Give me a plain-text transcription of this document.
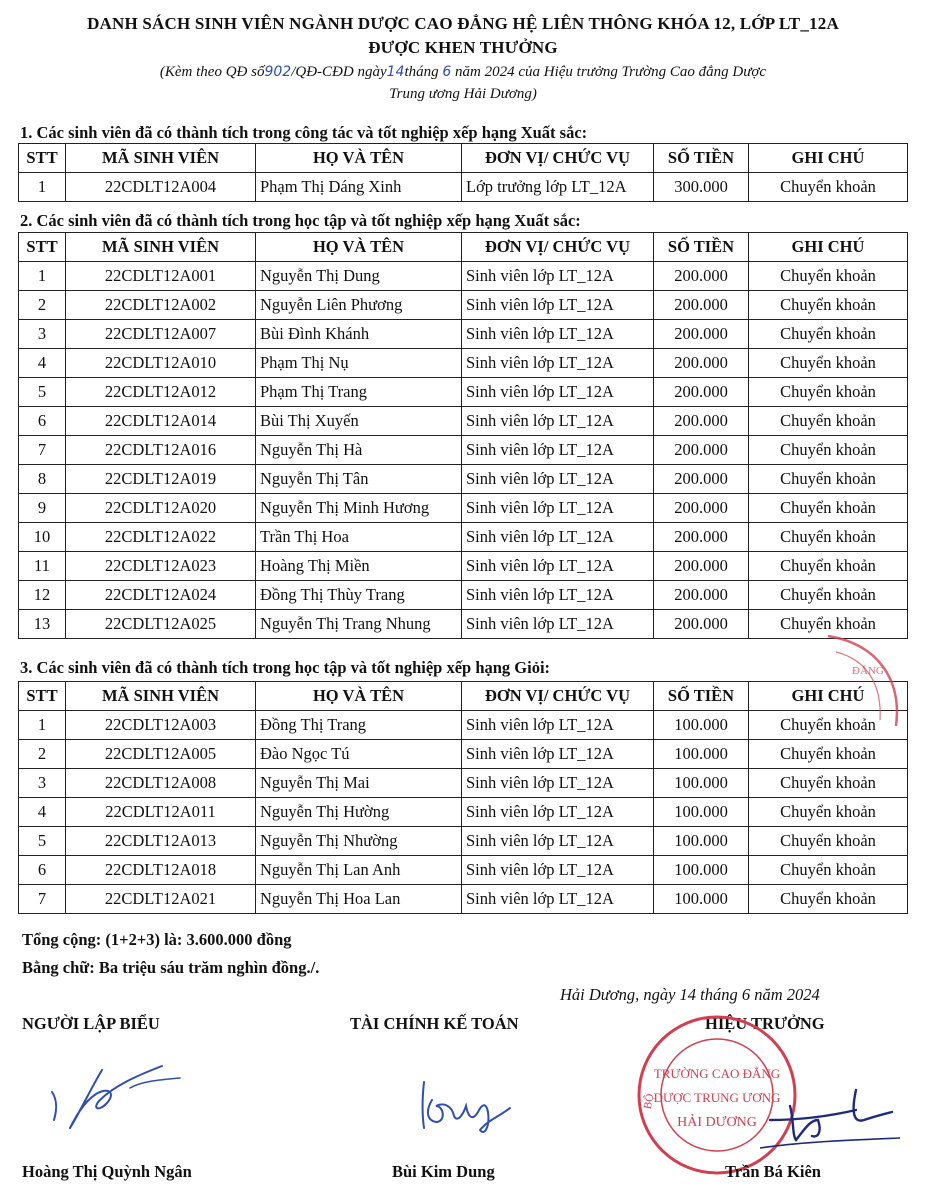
DANH SÁCH SINH VIÊN NGÀNH DƯỢC CAO ĐẲNG HỆ LIÊN THÔNG KHÓA 12, LỚP LT_12A
ĐƯỢC KHEN THƯỞNG
(Kèm theo QĐ số902/QĐ-CĐD ngày14tháng 6 năm 2024 của Hiệu trưởng Trường Cao đẳng Dược
Trung ương Hải Dương)
1. Các sinh viên đã có thành tích trong công tác và tốt nghiệp xếp hạng Xuất sắc:
STT	MÃ SINH VIÊN	HỌ VÀ TÊN	ĐƠN VỊ/ CHỨC VỤ	SỐ TIỀN	GHI CHÚ
1	22CDLT12A004	Phạm Thị Dáng Xinh	Lớp trưởng lớp LT_12A	300.000	Chuyển khoản
2. Các sinh viên đã có thành tích trong học tập và tốt nghiệp xếp hạng Xuất sắc:
STT	MÃ SINH VIÊN	HỌ VÀ TÊN	ĐƠN VỊ/ CHỨC VỤ	SỐ TIỀN	GHI CHÚ
1	22CDLT12A001	Nguyễn Thị Dung	Sinh viên lớp LT_12A	200.000	Chuyển khoản
2	22CDLT12A002	Nguyễn Liên Phương	Sinh viên lớp LT_12A	200.000	Chuyển khoản
3	22CDLT12A007	Bùi Đình Khánh	Sinh viên lớp LT_12A	200.000	Chuyển khoản
4	22CDLT12A010	Phạm Thị Nụ	Sinh viên lớp LT_12A	200.000	Chuyển khoản
5	22CDLT12A012	Phạm Thị Trang	Sinh viên lớp LT_12A	200.000	Chuyển khoản
6	22CDLT12A014	Bùi Thị Xuyến	Sinh viên lớp LT_12A	200.000	Chuyển khoản
7	22CDLT12A016	Nguyễn Thị Hà	Sinh viên lớp LT_12A	200.000	Chuyển khoản
8	22CDLT12A019	Nguyễn Thị Tân	Sinh viên lớp LT_12A	200.000	Chuyển khoản
9	22CDLT12A020	Nguyễn Thị Minh Hương	Sinh viên lớp LT_12A	200.000	Chuyển khoản
10	22CDLT12A022	Trần Thị Hoa	Sinh viên lớp LT_12A	200.000	Chuyển khoản
11	22CDLT12A023	Hoàng Thị Miền	Sinh viên lớp LT_12A	200.000	Chuyển khoản
12	22CDLT12A024	Đồng Thị Thùy Trang	Sinh viên lớp LT_12A	200.000	Chuyển khoản
13	22CDLT12A025	Nguyễn Thị Trang Nhung	Sinh viên lớp LT_12A	200.000	Chuyển khoản
3. Các sinh viên đã có thành tích trong học tập và tốt nghiệp xếp hạng Giỏi:
STT	MÃ SINH VIÊN	HỌ VÀ TÊN	ĐƠN VỊ/ CHỨC VỤ	SỐ TIỀN	GHI CHÚ
1	22CDLT12A003	Đồng Thị Trang	Sinh viên lớp LT_12A	100.000	Chuyển khoản
2	22CDLT12A005	Đào Ngọc Tú	Sinh viên lớp LT_12A	100.000	Chuyển khoản
3	22CDLT12A008	Nguyễn Thị Mai	Sinh viên lớp LT_12A	100.000	Chuyển khoản
4	22CDLT12A011	Nguyễn Thị Hường	Sinh viên lớp LT_12A	100.000	Chuyển khoản
5	22CDLT12A013	Nguyễn Thị Nhường	Sinh viên lớp LT_12A	100.000	Chuyển khoản
6	22CDLT12A018	Nguyễn Thị Lan Anh	Sinh viên lớp LT_12A	100.000	Chuyển khoản
7	22CDLT12A021	Nguyễn Thị Hoa Lan	Sinh viên lớp LT_12A	100.000	Chuyển khoản
Tổng cộng: (1+2+3) là: 3.600.000 đồng
Bằng chữ: Ba triệu sáu trăm nghìn đồng./.
Hải Dương, ngày 14 tháng 6 năm 2024
NGƯỜI LẬP BIỂU	TÀI CHÍNH KẾ TOÁN	HIỆU TRƯỞNG
TRƯỜNG CAO ĐẲNG
DƯỢC TRUNG ƯƠNG
HẢI DƯƠNG
BỘ
ĐẲNG
Hoàng Thị Quỳnh Ngân	Bùi Kim Dung	Trần Bá Kiên
